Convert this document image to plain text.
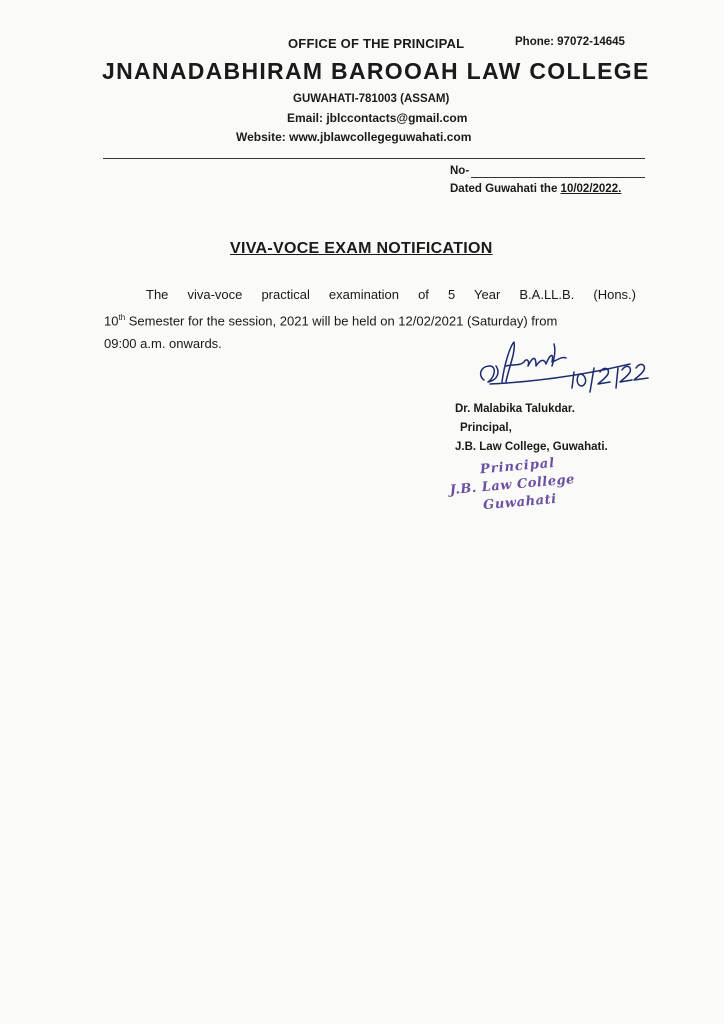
OFFICE OF THE PRINCIPAL	Phone: 97072-14645
JNANADABHIRAM BAROOAH LAW COLLEGE
GUWAHATI-781003 (ASSAM)
Email: jblccontacts@gmail.com
Website: www.jblawcollegeguwahati.com
No-
Dated Guwahati the 10/02/2022.
VIVA-VOCE EXAM NOTIFICATION

The viva-voce practical examination of 5 Year B.A.LL.B. (Hons.)

10th Semester for the session, 2021 will be held on 12/02/2021 (Saturday) from

09:00 a.m. onwards.

Dr. Malabika Talukdar.
Principal,
J.B. Law College, Guwahati.
Principal
J.B. Law College
Guwahati
